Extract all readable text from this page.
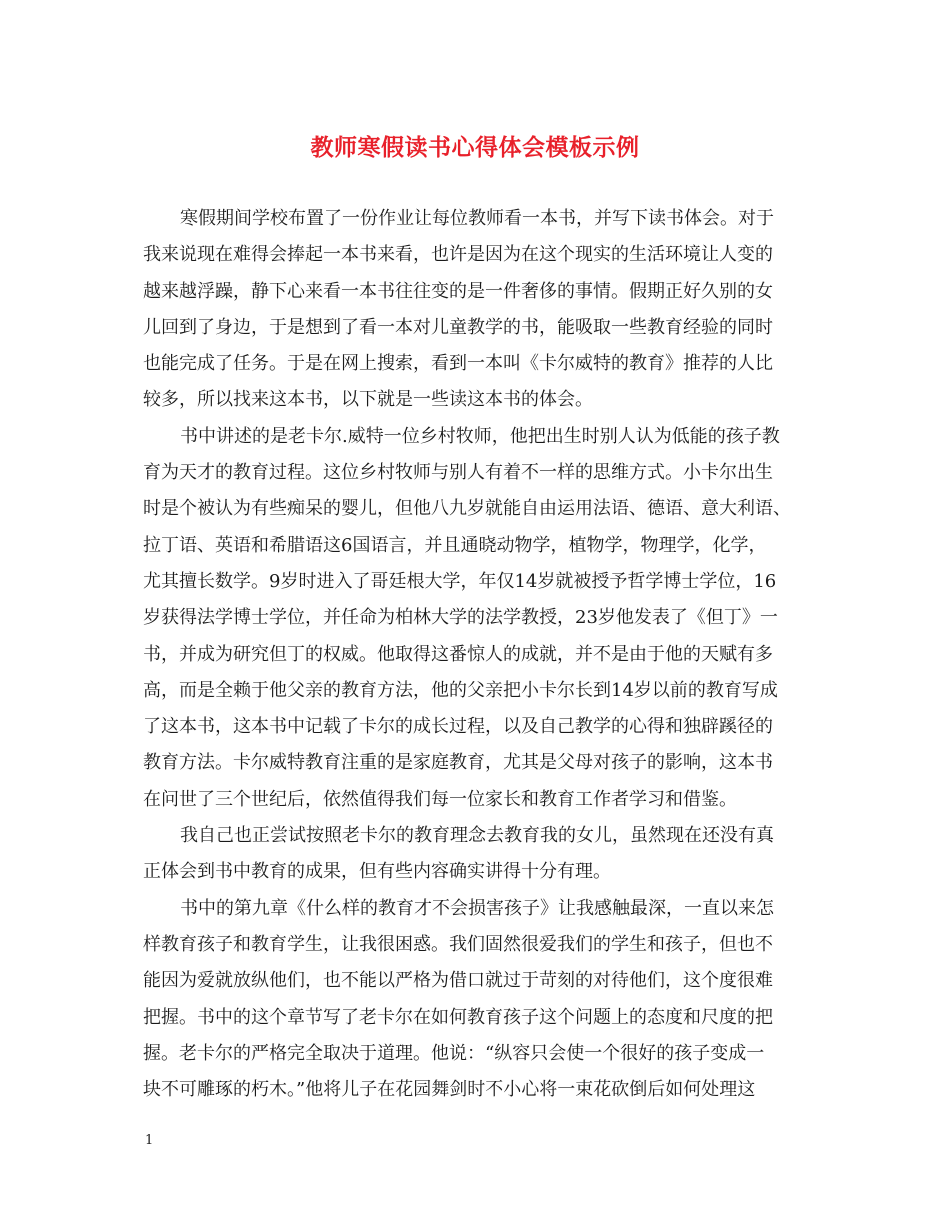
教师寒假读书心得体会模板示例
寒假期间学校布置了一份作业让每位教师看一本书，并写下读书体会。对于
我来说现在难得会捧起一本书来看，也许是因为在这个现实的生活环境让人变的
越来越浮躁，静下心来看一本书往往变的是一件奢侈的事情。假期正好久别的女
儿回到了身边，于是想到了看一本对儿童教学的书，能吸取一些教育经验的同时
也能完成了任务。于是在网上搜索，看到一本叫《卡尔威特的教育》推荐的人比
较多，所以找来这本书，以下就是一些读这本书的体会。
书中讲述的是老卡尔.威特一位乡村牧师，他把出生时别人认为低能的孩子教
育为天才的教育过程。这位乡村牧师与别人有着不一样的思维方式。小卡尔出生
时是个被认为有些痴呆的婴儿，但他八九岁就能自由运用法语、德语、意大利语、
拉丁语、英语和希腊语这6国语言，并且通晓动物学，植物学，物理学，化学，
尤其擅长数学。9岁时进入了哥廷根大学，年仅14岁就被授予哲学博士学位，16
岁获得法学博士学位，并任命为柏林大学的法学教授，23岁他发表了《但丁》一
书，并成为研究但丁的权威。他取得这番惊人的成就，并不是由于他的天赋有多
高，而是全赖于他父亲的教育方法，他的父亲把小卡尔长到14岁以前的教育写成
了这本书，这本书中记载了卡尔的成长过程，以及自己教学的心得和独辟蹊径的
教育方法。卡尔威特教育注重的是家庭教育，尤其是父母对孩子的影响，这本书
在问世了三个世纪后，依然值得我们每一位家长和教育工作者学习和借鉴。
我自己也正尝试按照老卡尔的教育理念去教育我的女儿，虽然现在还没有真
正体会到书中教育的成果，但有些内容确实讲得十分有理。
书中的第九章《什么样的教育才不会损害孩子》让我感触最深，一直以来怎
样教育孩子和教育学生，让我很困惑。我们固然很爱我们的学生和孩子，但也不
能因为爱就放纵他们，也不能以严格为借口就过于苛刻的对待他们，这个度很难
把握。书中的这个章节写了老卡尔在如何教育孩子这个问题上的态度和尺度的把
握。老卡尔的严格完全取决于道理。他说：“纵容只会使一个很好的孩子变成一
块不可雕琢的朽木。”他将儿子在花园舞剑时不小心将一束花砍倒后如何处理这
1
